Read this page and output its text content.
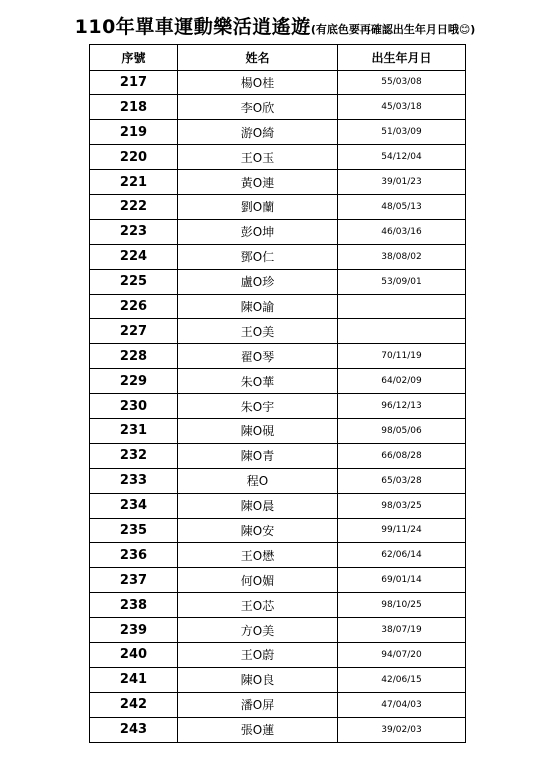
110年單車運動樂活逍遙遊(有底色要再確認出生年月日哦😊)
序號	姓名	出生年月日
217	楊O桂	55/03/08
218	李O欣	45/03/18
219	游O綺	51/03/09
220	王O玉	54/12/04
221	黃O連	39/01/23
222	劉O蘭	48/05/13
223	彭O坤	46/03/16
224	鄧O仁	38/08/02
225	盧O珍	53/09/01
226	陳O諭	
227	王O美	
228	翟O琴	70/11/19
229	朱O華	64/02/09
230	朱O宇	96/12/13
231	陳O硯	98/05/06
232	陳O青	66/08/28
233	程O	65/03/28
234	陳O晨	98/03/25
235	陳O安	99/11/24
236	王O懋	62/06/14
237	何O媚	69/01/14
238	王O芯	98/10/25
239	方O美	38/07/19
240	王O蔚	94/07/20
241	陳O良	42/06/15
242	潘O屏	47/04/03
243	張O蓮	39/02/03
